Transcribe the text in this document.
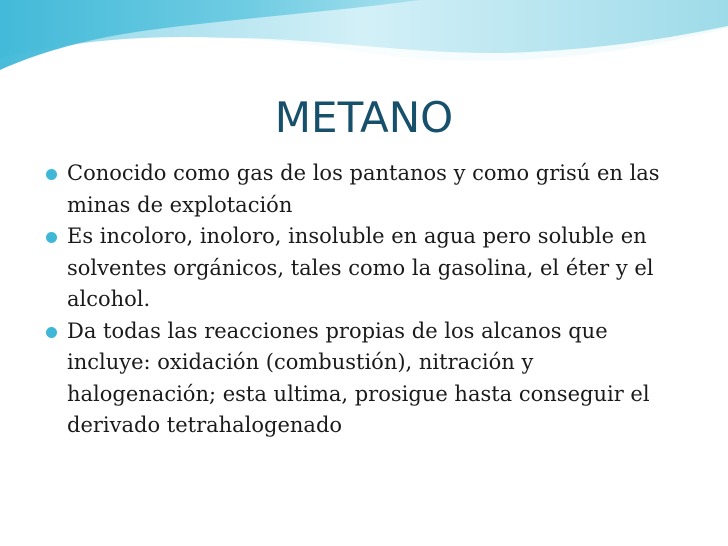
METANO
Conocido como gas de los pantanos y como grisú en las minas de explotación
Es incoloro, inoloro, insoluble en agua pero soluble en solventes orgánicos, tales como la gasolina, el éter y el alcohol.
Da todas las reacciones propias de los alcanos que incluye: oxidación (combustión), nitración y halogenación; esta ultima, prosigue hasta conseguir el derivado tetrahalogenado
